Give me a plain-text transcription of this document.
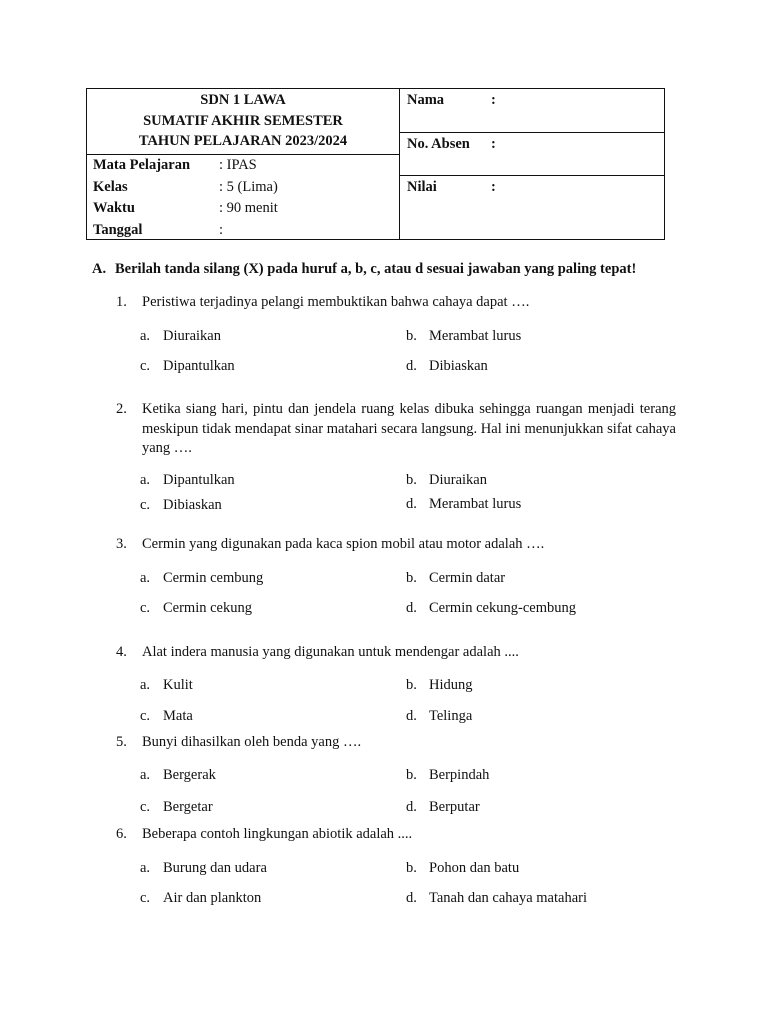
SDN 1 LAWA
SUMATIF AKHIR SEMESTER
TAHUN PELAJARAN 2023/2024
Mata Pelajaran : IPAS
Kelas	: 5 (Lima)
Waktu	: 90 menit
Tanggal	:
Nama	:
No. Absen :
Nilai	:
A. Berilah tanda silang (X) pada huruf a, b, c, atau d sesuai jawaban yang paling tepat!
1. Peristiwa terjadinya pelangi membuktikan bahwa cahaya dapat ….
a. Diuraikan	b. Merambat lurus
c. Dipantulkan	d. Dibiaskan
2. Ketika siang hari, pintu dan jendela ruang kelas dibuka sehingga ruangan menjadi terang meskipun tidak mendapat sinar matahari secara langsung. Hal ini menunjukkan sifat cahaya yang ….
a. Dipantulkan	b. Diuraikan
c. Dibiaskan	d. Merambat lurus
3. Cermin yang digunakan pada kaca spion mobil atau motor adalah ….
a. Cermin cembung	b. Cermin datar
c. Cermin cekung	d. Cermin cekung-cembung
4. Alat indera manusia yang digunakan untuk mendengar adalah ....
a. Kulit	b. Hidung
c. Mata	d. Telinga
5. Bunyi dihasilkan oleh benda yang ….
a. Bergerak	b. Berpindah
c. Bergetar	d. Berputar
6. Beberapa contoh lingkungan abiotik adalah ....
a. Burung dan udara	b. Pohon dan batu
c. Air dan plankton	d. Tanah dan cahaya matahari
